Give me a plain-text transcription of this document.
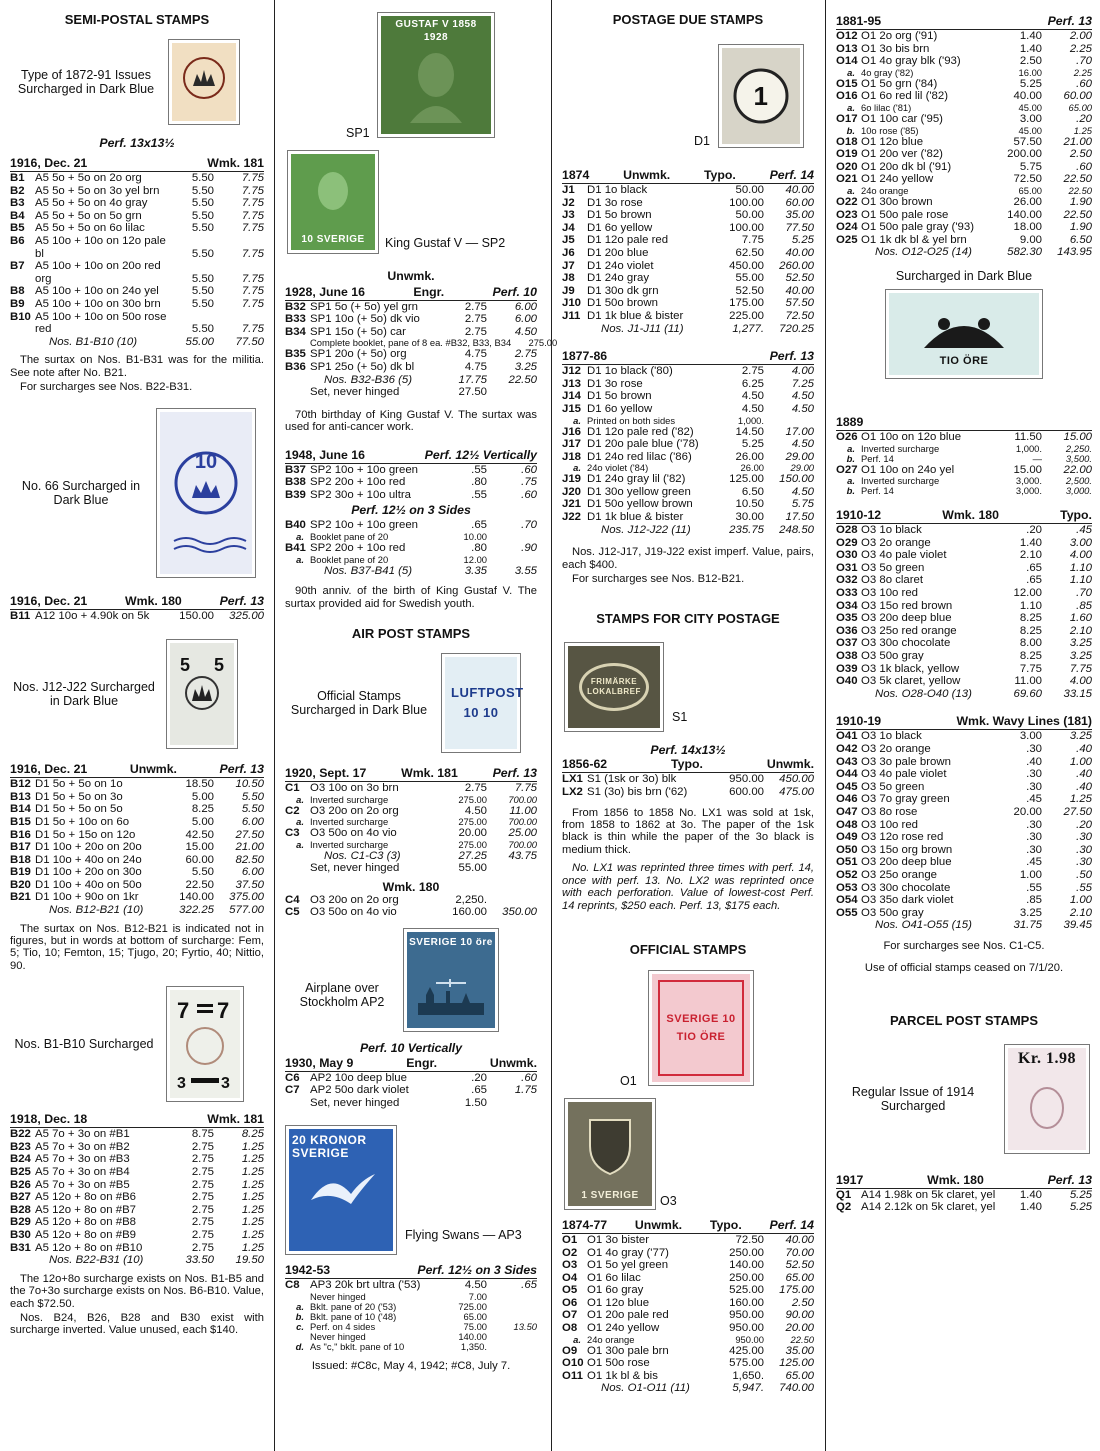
SEMI-POSTAL STAMPS
Type of 1872-91 Issues Surcharged in Dark Blue
Perf. 13x13½
1916, Dec. 21	Wmk. 181
B1 A5 5o + 5o on 2o org	5.50	7.75
B2 A5 5o + 5o on 3o yel brn	5.50	7.75
B3 A5 5o + 5o on 4o gray	5.50	7.75
B4 A5 5o + 5o on 5o grn	5.50	7.75
B5 A5 5o + 5o on 6o lilac	5.50	7.75
B6 A5 10o + 10o on 12o pale
bl	5.50	7.75
B7 A5 10o + 10o on 20o red
org	5.50	7.75
B8 A5 10o + 10o on 24o yel	5.50	7.75
B9 A5 10o + 10o on 30o brn	5.50	7.75
B10 A5 10o + 10o on 50o rose
red	5.50	7.75
Nos. B1-B10 (10)	55.00	77.50
The surtax on Nos. B1-B31 was for the militia. See note after No. B21.
For surcharges see Nos. B22-B31.
No. 66 Surcharged in Dark Blue
10
1916, Dec. 21	Wmk. 180	Perf. 13
B11 A12 10o + 4.90k on 5k	150.00	325.00
Nos. J12-J22 Surcharged in Dark Blue
5 5
1916, Dec. 21	Unwmk.	Perf. 13
B12 D1 5o + 5o on 1o	18.50	10.50
B13 D1 5o + 5o on 3o	5.00	5.50
B14 D1 5o + 5o on 5o	8.25	5.50
B15 D1 5o + 10o on 6o	5.00	6.00
B16 D1 5o + 15o on 12o	42.50	27.50
B17 D1 10o + 20o on 20o	15.00	21.00
B18 D1 10o + 40o on 24o	60.00	82.50
B19 D1 10o + 20o on 30o	5.50	6.00
B20 D1 10o + 40o on 50o	22.50	37.50
B21 D1 10o + 90o on 1kr	140.00	375.00
Nos. B12-B21 (10)	322.25	577.00
The surtax on Nos. B12-B21 is indicated not in figures, but in words at bottom of surcharge: Fem, 5; Tio, 10; Femton, 15; Tjugo, 20; Fyrtio, 40; Nittio, 90.
Nos. B1-B10 Surcharged
7 7
3 3
1918, Dec. 18	Wmk. 181
B22 A5 7o + 3o on #B1	8.75	8.25
B23 A5 7o + 3o on #B2	2.75	1.25
B24 A5 7o + 3o on #B3	2.75	1.25
B25 A5 7o + 3o on #B4	2.75	1.25
B26 A5 7o + 3o on #B5	2.75	1.25
B27 A5 12o + 8o on #B6	2.75	1.25
B28 A5 12o + 8o on #B7	2.75	1.25
B29 A5 12o + 8o on #B8	2.75	1.25
B30 A5 12o + 8o on #B9	2.75	1.25
B31 A5 12o + 8o on #B10	2.75	1.25
Nos. B22-B31 (10)	33.50	19.50
The 12o+8o surcharge exists on Nos. B1-B5 and the 7o+3o surcharge exists on Nos. B6-B10. Value, each $72.50.
Nos. B24, B26, B28 and B30 exist with surcharge inverted. Value unused, each $140.
SP1
GUSTAF V 1858 1928
10 SVERIGE	King Gustaf V — SP2
Unwmk.
1928, June 16	Engr.	Perf. 10
B32 SP1 5o (+ 5o) yel grn	2.75	6.00
B33 SP1 10o (+ 5o) dk vio	2.75	6.00
B34 SP1 15o (+ 5o) car	2.75	4.50
Complete booklet, pane of 8 ea. #B32, B33, B34	275.00
B35 SP1 20o (+ 5o) org	4.75	2.75
B36 SP1 25o (+ 5o) dk bl	4.75	3.25
Nos. B32-B36 (5)	17.75	22.50
Set, never hinged	27.50
70th birthday of King Gustaf V. The surtax was used for anti-cancer work.
1948, June 16	Perf. 12½ Vertically
B37 SP2 10o + 10o green	.55	.60
B38 SP2 20o + 10o red	.80	.75
B39 SP2 30o + 10o ultra	.55	.60
Perf. 12½ on 3 Sides
B40 SP2 10o + 10o green	.65	.70
a. Booklet pane of 20	10.00
B41 SP2 20o + 10o red	.80	.90
a. Booklet pane of 20	12.00
Nos. B37-B41 (5)	3.35	3.55
90th anniv. of the birth of King Gustaf V. The surtax provided aid for Swedish youth.
AIR POST STAMPS
Official Stamps Surcharged in Dark Blue
LUFTPOST 10 10
1920, Sept. 17	Wmk. 181	Perf. 13
C1 O3 10o on 3o brn	2.75	7.75
a. Inverted surcharge	275.00	700.00
C2 O3 20o on 2o org	4.50	11.00
a. Inverted surcharge	275.00	700.00
C3 O3 50o on 4o vio	20.00	25.00
a. Inverted surcharge	275.00	700.00
Nos. C1-C3 (3)	27.25	43.75
Set, never hinged	55.00
Wmk. 180
C4 O3 20o on 2o org	2,250.
C5 O3 50o on 4o vio	160.00	350.00
Airplane over Stockholm AP2
SVERIGE 10 öre
Perf. 10 Vertically
1930, May 9	Engr.	Unwmk.
C6 AP2 10o deep blue	.20	.60
C7 AP2 50o dark violet	.65	1.75
Set, never hinged	1.50
20 KRONOR SVERIGE
Flying Swans — AP3
1942-53	Perf. 12½ on 3 Sides
C8 AP3 20k brt ultra ('53)	4.50	.65
Never hinged	7.00
a. Bklt. pane of 20 ('53)	725.00
b. Bklt. pane of 10 ('48)	65.00
c. Perf. on 4 sides	75.00	13.50
Never hinged	140.00
d. As "c," bklt. pane of 10	1,350.
Issued: #C8c, May 4, 1942; #C8, July 7.
POSTAGE DUE STAMPS
D1
1
1874	Unwmk.	Typo.	Perf. 14
J1	D1 1o black	50.00	40.00
J2	D1 3o rose	100.00	60.00
J3	D1 5o brown	50.00	35.00
J4	D1 6o yellow	100.00	77.50
J5	D1 12o pale red	7.75	5.25
J6	D1 20o blue	62.50	40.00
J7	D1 24o violet	450.00	260.00
J8	D1 24o gray	55.00	52.50
J9	D1 30o dk grn	52.50	40.00
J10 D1 50o brown	175.00	57.50
J11 D1 1k blue & bister	225.00	72.50
Nos. J1-J11 (11)	1,277.	720.25
1877-86	Perf. 13
J12 D1 1o black ('80)	2.75	4.00
J13 D1 3o rose	6.25	7.25
J14 D1 5o brown	4.50	4.50
J15 D1 6o yellow	4.50	4.50
a. Printed on both sides	1,000.
J16 D1 12o pale red ('82)	14.50	17.00
J17 D1 20o pale blue ('78)	5.25	4.50
J18 D1 24o red lilac ('86)	26.00	29.00
a. 24o violet ('84)	26.00	29.00
J19 D1 24o gray lil ('82)	125.00	150.00
J20 D1 30o yellow green	6.50	4.50
J21 D1 50o yellow brown	10.50	5.75
J22 D1 1k blue & bister	30.00	17.50
Nos. J12-J22 (11)	235.75	248.50
Nos. J12-J17, J19-J22 exist imperf. Value, pairs, each $400.
For surcharges see Nos. B12-B21.
STAMPS FOR CITY POSTAGE
FRIMÄRKE LOKALBREF
S1
Perf. 14x13½
1856-62	Typo.	Unwmk.
LX1 S1 (1sk or 3o) blk	950.00	450.00
LX2 S1 (3o) bis brn ('62)	600.00	475.00
From 1856 to 1858 No. LX1 was sold at 1sk, from 1858 to 1862 at 3o. The paper of the 1sk black is thin while the paper of the 3o black is medium thick.
No. LX1 was reprinted three times with perf. 14, once with perf. 13. No. LX2 was reprinted once with each perforation. Value of lowest-cost Perf. 14 reprints, $250 each. Perf. 13, $175 each.
OFFICIAL STAMPS
SVERIGE 10 TIO ÖRE
O1
1 SVERIGE	O3
1874-77 Unwmk. Typo. Perf. 14
O1 O1 3o bister	72.50	40.00
O2 O1 4o gray ('77)	250.00	70.00
O3 O1 5o yel green	140.00	52.50
O4 O1 6o lilac	250.00	65.00
O5 O1 6o gray	525.00	175.00
O6 O1 12o blue	160.00	2.50
O7 O1 20o pale red	950.00	90.00
O8 O1 24o yellow	950.00	20.00
a. 24o orange	950.00	22.50
O9 O1 30o pale brn	425.00	35.00
O10 O1 50o rose	575.00	125.00
O11 O1 1k bl & bis	1,650.	65.00
Nos. O1-O11 (11)	5,947.	740.00
1881-95	Perf. 13
O12 O1 2o org ('91)	1.40	2.00
O13 O1 3o bis brn	1.40	2.25
O14 O1 4o gray blk ('93)	2.50	.70
a. 4o gray ('82)	16.00	2.25
O15 O1 5o grn ('84)	5.25	.60
O16 O1 6o red lil ('82)	40.00	60.00
a. 6o lilac ('81)	45.00	65.00
O17 O1 10o car ('95)	3.00	.20
b. 10o rose ('85)	45.00	1.25
O18 O1 12o blue	57.50	21.00
O19 O1 20o ver ('82)	200.00	2.50
O20 O1 20o dk bl ('91)	5.75	.60
O21 O1 24o yellow	72.50	22.50
a. 24o orange	65.00	22.50
O22 O1 30o brown	26.00	1.90
O23 O1 50o pale rose	140.00	22.50
O24 O1 50o pale gray ('93)	18.00	1.90
O25 O1 1k dk bl & yel brn	9.00	6.50
Nos. O12-O25 (14)	582.30	143.95
Surcharged in Dark Blue
TIO ÖRE
1889
O26 O1 10o on 12o blue	11.50	15.00
a. Inverted surcharge	1,000.	2,250.
b. Perf. 14	—	3,500.
O27 O1 10o on 24o yel	15.00	22.00
a. Inverted surcharge	3,000.	2,500.
b. Perf. 14	3,000.	3,000.
1910-12	Wmk. 180	Typo.
O28 O3 1o black	.20	.45
O29 O3 2o orange	1.40	3.00
O30 O3 4o pale violet	2.10	4.00
O31 O3 5o green	.65	1.10
O32 O3 8o claret	.65	1.10
O33 O3 10o red	12.00	.70
O34 O3 15o red brown	1.10	.85
O35 O3 20o deep blue	8.25	1.60
O36 O3 25o red orange	8.25	2.10
O37 O3 30o chocolate	8.00	3.25
O38 O3 50o gray	8.25	3.25
O39 O3 1k black, yellow	7.75	7.75
O40 O3 5k claret, yellow	11.00	4.00
Nos. O28-O40 (13)	69.60	33.15
1910-19	Wmk. Wavy Lines (181)
O41 O3 1o black	3.00	3.25
O42 O3 2o orange	.30	.40
O43 O3 3o pale brown	.40	1.00
O44 O3 4o pale violet	.30	.40
O45 O3 5o green	.30	.40
O46 O3 7o gray green	.45	1.25
O47 O3 8o rose	20.00	27.50
O48 O3 10o red	.30	.20
O49 O3 12o rose red	.30	.30
O50 O3 15o org brown	.30	.30
O51 O3 20o deep blue	.45	.30
O52 O3 25o orange	1.00	.50
O53 O3 30o chocolate	.55	.55
O54 O3 35o dark violet	.85	1.00
O55 O3 50o gray	3.25	2.10
Nos. O41-O55 (15)	31.75	39.45
For surcharges see Nos. C1-C5.
Use of official stamps ceased on 7/1/20.
PARCEL POST STAMPS
Regular Issue of 1914 Surcharged
Kr. 1.98
1917	Wmk. 180	Perf. 13
Q1 A14 1.98k on 5k claret, yel	1.40	5.25
Q2 A14 2.12k on 5k claret, yel	1.40	5.25
